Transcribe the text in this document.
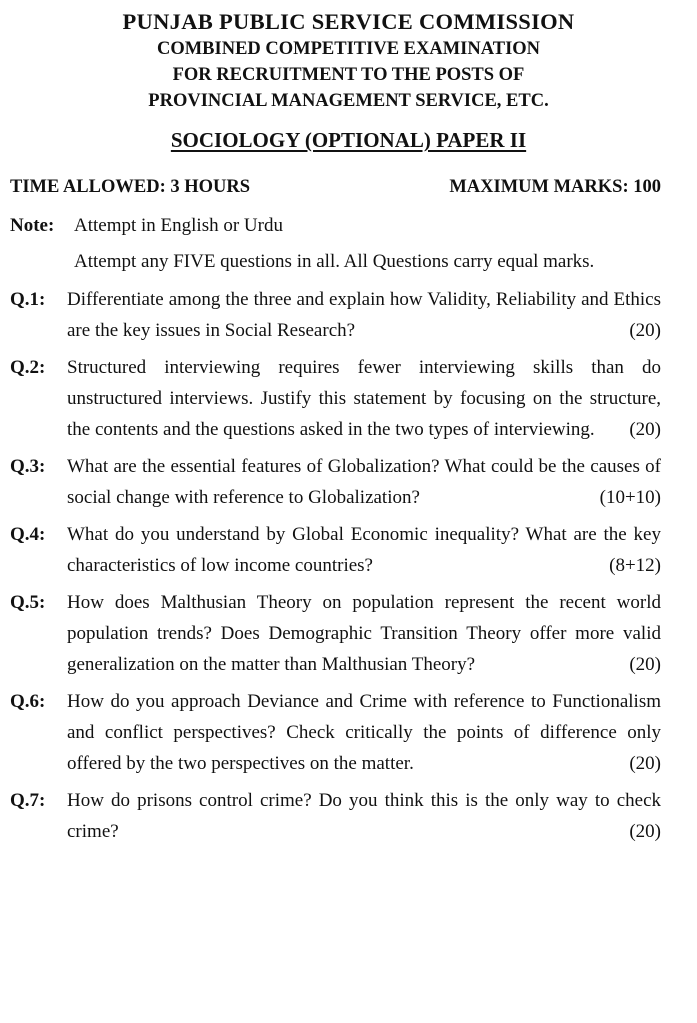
PUNJAB PUBLIC SERVICE COMMISSION
COMBINED COMPETITIVE EXAMINATION
FOR RECRUITMENT TO THE POSTS OF
PROVINCIAL MANAGEMENT SERVICE, ETC.
SOCIOLOGY (OPTIONAL) PAPER II
TIME ALLOWED: 3 HOURS	MAXIMUM MARKS: 100
Note:	Attempt in English or Urdu
Attempt any FIVE questions in all. All Questions carry equal marks.
Q.1:	Differentiate among the three and explain how Validity, Reliability and Ethics are the key issues in Social Research?	(20)
Q.2:	Structured interviewing requires fewer interviewing skills than do unstructured interviews. Justify this statement by focusing on the structure, the contents and the questions asked in the two types of interviewing. (20)
Q.3:	What are the essential features of Globalization? What could be the causes of social change with reference to Globalization?	(10+10)
Q.4:	What do you understand by Global Economic inequality? What are the key characteristics of low income countries?	(8+12)
Q.5:	How does Malthusian Theory on population represent the recent world population trends? Does Demographic Transition Theory offer more valid generalization on the matter than Malthusian Theory?	(20)
Q.6:	How do you approach Deviance and Crime with reference to Functionalism and conflict perspectives? Check critically the points of difference only offered by the two perspectives on the matter.	(20)
Q.7:	How do prisons control crime? Do you think this is the only way to check crime?	(20)
